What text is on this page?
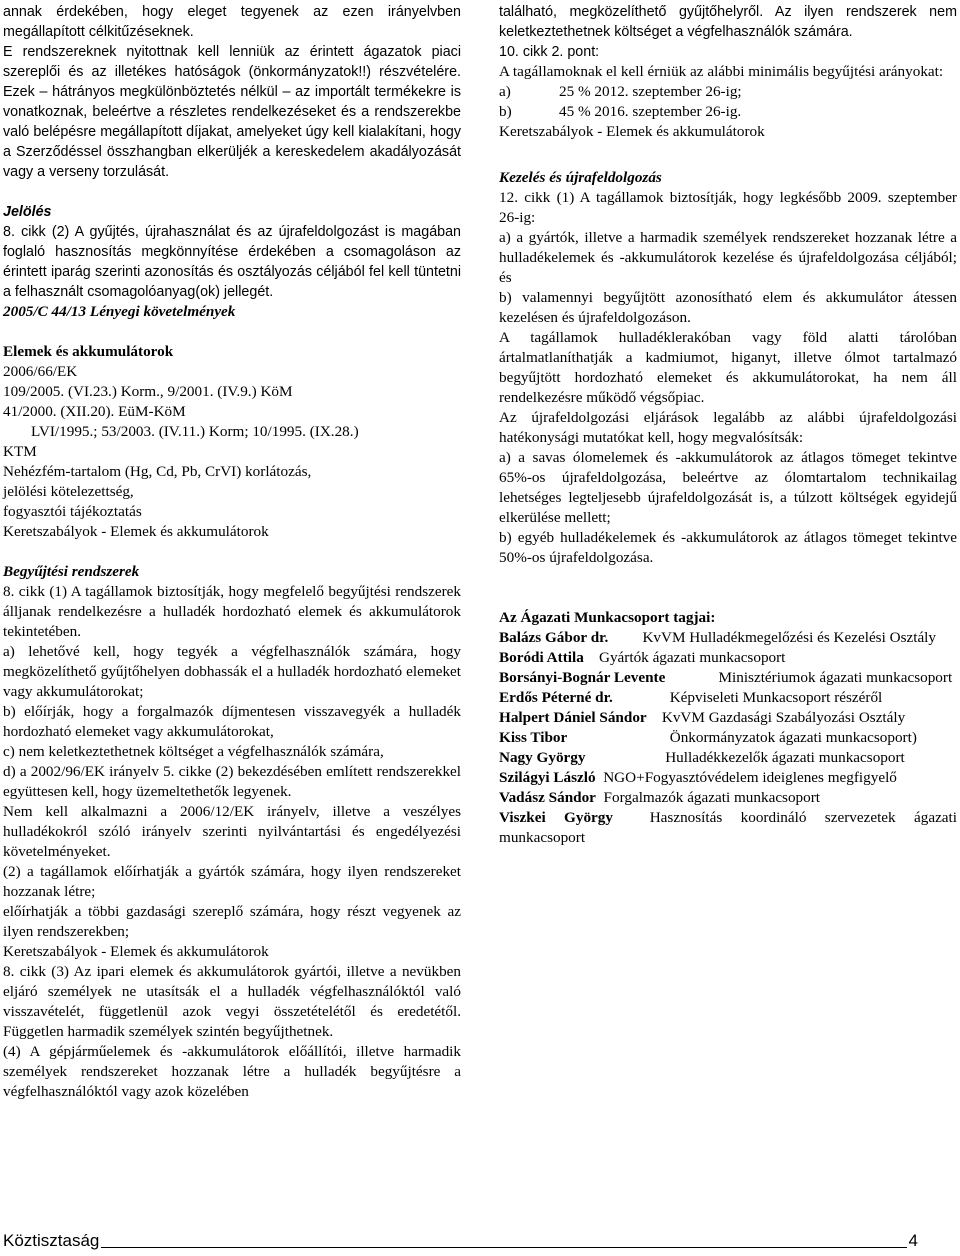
annak érdekében, hogy eleget tegyenek az ezen irányelvben megállapított célkitűzéseknek.

E rendszereknek nyitottnak kell lenniük az érintett ágazatok piaci szereplői és az illetékes hatóságok (önkormányzatok!!) részvételére. Ezek – hátrányos megkülönböztetés nélkül – az importált termékekre is vonatkoznak, beleértve a részletes rendelkezéseket és a rendszerekbe való belépésre megállapított díjakat, amelyeket úgy kell kialakítani, hogy a Szerződéssel összhangban elkerüljék a kereskedelem akadályozását vagy a verseny torzulását.

Jelölés

8. cikk (2) A gyűjtés, újrahasználat és az újrafeldolgozást is magában foglaló hasznosítás megkönnyítése érdekében a csomagoláson az érintett iparág szerinti azonosítás és osztályozás céljából fel kell tüntetni a felhasznált csomagolóanyag(ok) jellegét.

2005/C 44/13 Lényegi követelmények

Elemek és akkumulátorok

2006/66/EK

109/2005. (VI.23.) Korm., 9/2001. (IV.9.) KöM

41/2000. (XII.20). EüM-KöM

LVI/1995.; 53/2003. (IV.11.) Korm; 10/1995. (IX.28.)

KTM

Nehézfém-tartalom (Hg, Cd, Pb, CrVI) korlátozás,

jelölési kötelezettség,

fogyasztói tájékoztatás

Keretszabályok - Elemek és akkumulátorok

Begyűjtési rendszerek

8. cikk (1) A tagállamok biztosítják, hogy megfelelő begyűjtési rendszerek álljanak rendelkezésre a hulladék hordozható elemek és akkumulátorok tekintetében.

a) lehetővé kell, hogy tegyék a végfelhasználók számára, hogy megközelíthető gyűjtőhelyen dobhassák el a hulladék hordozható elemeket vagy akkumulátorokat;

b) előírják, hogy a forgalmazók díjmentesen visszavegyék a hulladék hordozható elemeket vagy akkumulátorokat,

c) nem keletkeztethetnek költséget a végfelhasználók számára,

d) a 2002/96/EK irányelv 5. cikke (2) bekezdésében említett rendszerekkel együttesen kell, hogy üzemeltethetők legyenek.

Nem kell alkalmazni a 2006/12/EK irányelv, illetve a veszélyes hulladékokról szóló irányelv szerinti nyilvántartási és engedélyezési követelményeket.

(2) a tagállamok előírhatják a gyártók számára, hogy ilyen rendszereket hozzanak létre;

előírhatják a többi gazdasági szereplő számára, hogy részt vegyenek az ilyen rendszerekben;

Keretszabályok - Elemek és akkumulátorok

8. cikk (3) Az ipari elemek és akkumulátorok gyártói, illetve a nevükben eljáró személyek ne utasítsák el a hulladék végfelhasználóktól való visszavételét, függetlenül azok vegyi összetételétől és eredetétől. Független harmadik személyek szintén begyűjthetnek.

(4) A gépjárműelemek és -akkumulátorok előállítói, illetve harmadik személyek rendszereket hozzanak létre a hulladék begyűjtésre a végfelhasználóktól vagy azok közelében

található, megközelíthető gyűjtőhelyről. Az ilyen rendszerek nem keletkeztethetnek költséget a végfelhasználók számára.

10. cikk 2. pont:

A tagállamoknak el kell érniük az alábbi minimális begyűjtési arányokat:

a)	25 % 2012. szeptember 26-ig;
b)	45 % 2016. szeptember 26-ig.

Keretszabályok - Elemek és akkumulátorok

Kezelés és újrafeldolgozás

12. cikk (1) A tagállamok biztosítják, hogy legkésőbb 2009. szeptember 26-ig:

a) a gyártók, illetve a harmadik személyek rendszereket hozzanak létre a hulladékelemek és -akkumulátorok kezelése és újrafeldolgozása céljából; és

b) valamennyi begyűjtött azonosítható elem és akkumulátor átessen kezelésen és újrafeldolgozáson.

A tagállamok hulladéklerakóban vagy föld alatti tárolóban ártalmatlaníthatják a kadmiumot, higanyt, illetve ólmot tartalmazó begyűjtött hordozható elemeket és akkumulátorokat, ha nem áll rendelkezésre működő végsőpiac.

Az újrafeldolgozási eljárások legalább az alábbi újrafeldolgozási hatékonysági mutatókat kell, hogy megvalósítsák:

a) a savas ólomelemek és -akkumulátorok az átlagos tömeget tekintve 65%-os újrafeldolgozása, beleértve az ólomtartalom technikailag lehetséges legteljesebb újrafeldolgozását is, a túlzott költségek egyidejű elkerülése mellett;

b) egyéb hulladékelemek és -akkumulátorok az átlagos tömeget tekintve 50%-os újrafeldolgozása.

Az Ágazati Munkacsoport tagjai:

Balázs Gábor dr. KvVM Hulladékmegelőzési és Kezelési Osztály

Boródi Attila Gyártók ágazati munkacsoport

Borsányi-Bognár Levente	Minisztériumok ágazati munkacsoport

Erdős Péterné dr.	Képviseleti Munkacsoport részéről

Halpert Dániel Sándor KvVM Gazdasági Szabályozási Osztály

Kiss Tibor	Önkormányzatok ágazati munkacsoport)

Nagy György	Hulladékkezelők ágazati munkacsoport

Szilágyi László NGO+Fogyasztóvédelem ideiglenes megfigyelő

Vadász Sándor Forgalmazók ágazati munkacsoport

Viszkei György Hasznosítás koordináló szervezetek ágazati munkacsoport

Köztisztaság	4
